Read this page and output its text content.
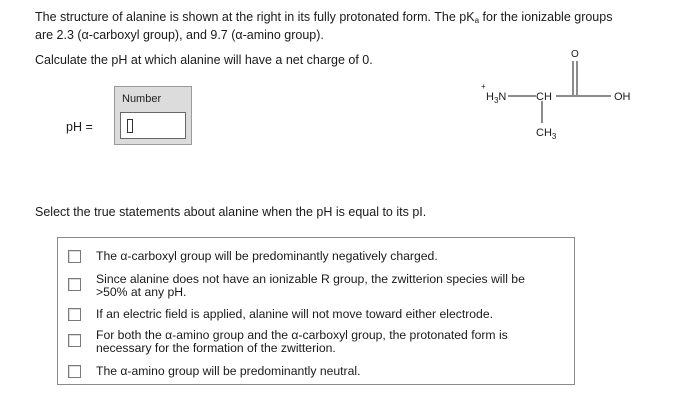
The structure of alanine is shown at the right in its fully protonated form. The $pK_a$ for the ionizable groups
are 2.3 (α-carboxyl group), and 9.7 (α-amino group).
Calculate the pH at which alanine will have a net charge of 0.
pH =
Number
+
$H_3N$	CH
O
OH
$CH_3$
Select the true statements about alanine when the pH is equal to its pI.
The α-carboxyl group will be predominantly negatively charged.
Since alanine does not have an ionizable R group, the zwitterion species will be
>50% at any pH.
If an electric field is applied, alanine will not move toward either electrode.
For both the α-amino group and the α-carboxyl group, the protonated form is
necessary for the formation of the zwitterion.
The α-amino group will be predominantly neutral.
